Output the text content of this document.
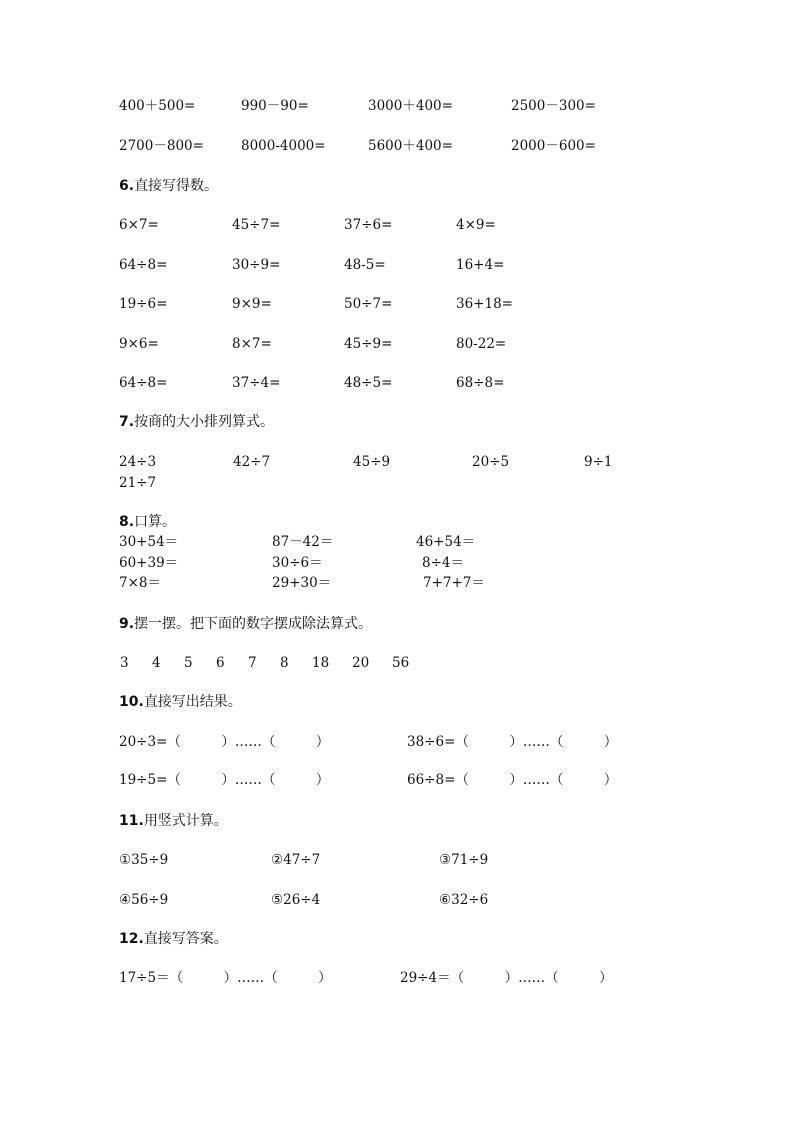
400＋500=	990－90=	3000＋400=	2500－300=
2700－800=	8000-4000=	5600＋400=	2000－600=
6.直接写得数。
6×7=	45÷7=	37÷6=	4×9=
64÷8=	30÷9=	48-5=	16+4=
19÷6=	9×9=	50÷7=	36+18=
9×6=	8×7=	45÷9=	80-22=
64÷8=	37÷4=	48÷5=	68÷8=
7.按商的大小排列算式。
24÷3	42÷7	45÷9	20÷5	9÷1
21÷7
8.口算。
30+54＝	87－42＝	46+54＝
60+39＝	30÷6＝	8÷4＝
7×8＝	29+30＝	7+7+7＝
9.摆一摆。把下面的数字摆成除法算式。
3 4 5 6 7 8 18 20 56
10.直接写出结果。
20÷3=（　　　）……（　　　）	38÷6=（　　　）……（　　　）
19÷5=（　　　）……（　　　）	66÷8=（　　　）……（　　　）
11.用竖式计算。
①35÷9	②47÷7	③71÷9
④56÷9	⑤26÷4	⑥32÷6
12.直接写答案。
17÷5＝（　　　）……（　　　）	29÷4＝（　　　）……（　　　）
